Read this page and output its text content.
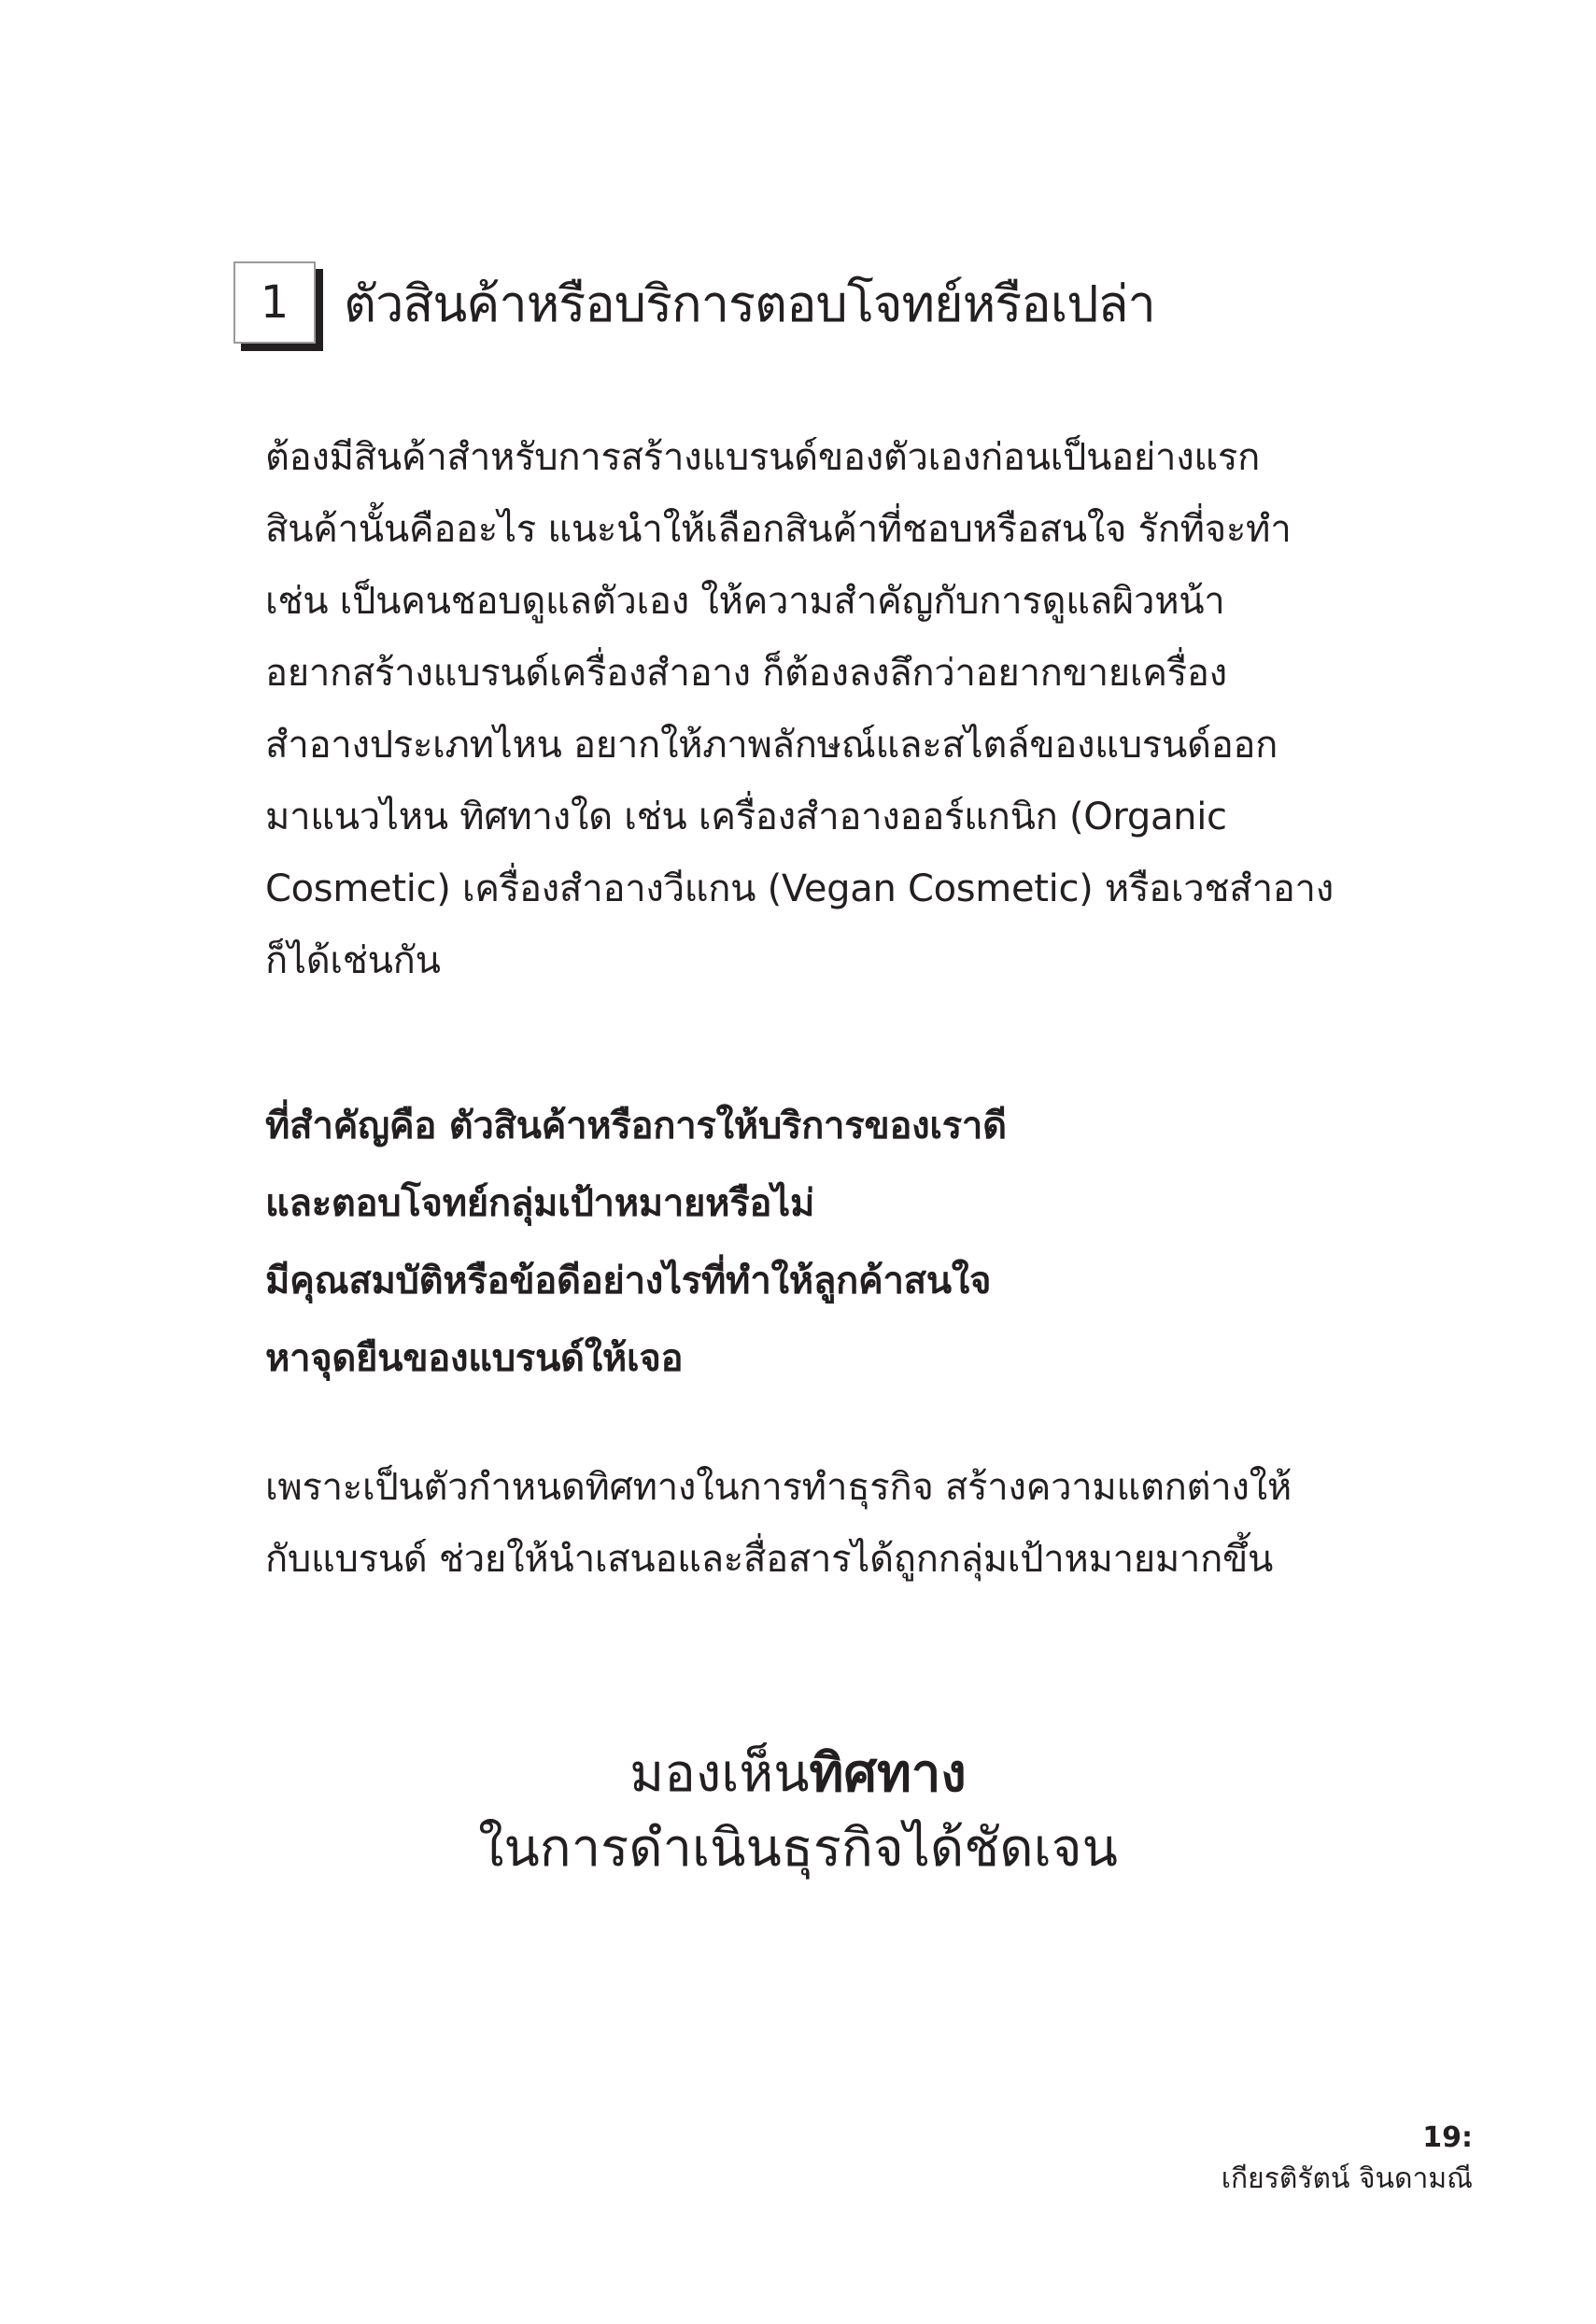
1 ตัวสินค้าหรือบริการตอบโจทย์หรือเปล่า
ต้องมีสินค้าสำหรับการสร้างแบรนด์ของตัวเองก่อนเป็นอย่างแรก
สินค้านั้นคืออะไร แนะนำให้เลือกสินค้าที่ชอบหรือสนใจ รักที่จะทำ
เช่น เป็นคนชอบดูแลตัวเอง ให้ความสำคัญกับการดูแลผิวหน้า
อยากสร้างแบรนด์เครื่องสำอาง ก็ต้องลงลึกว่าอยากขายเครื่อง
สำอางประเภทไหน อยากให้ภาพลักษณ์และสไตล์ของแบรนด์ออก
มาแนวไหน ทิศทางใด เช่น เครื่องสำอางออร์แกนิก (Organic
Cosmetic) เครื่องสำอางวีแกน (Vegan Cosmetic) หรือเวชสำอาง
ก็ได้เช่นกัน
ที่สำคัญคือ ตัวสินค้าหรือการให้บริการของเราดี
และตอบโจทย์กลุ่มเป้าหมายหรือไม่
มีคุณสมบัติหรือข้อดีอย่างไรที่ทำให้ลูกค้าสนใจ
หาจุดยืนของแบรนด์ให้เจอ
เพราะเป็นตัวกำหนดทิศทางในการทำธุรกิจ สร้างความแตกต่างให้
กับแบรนด์ ช่วยให้นำเสนอและสื่อสารได้ถูกกลุ่มเป้าหมายมากขึ้น
มองเห็นทิศทาง
ในการดำเนินธุรกิจได้ชัดเจน
19:
เกียรติรัตน์ จินดามณี
